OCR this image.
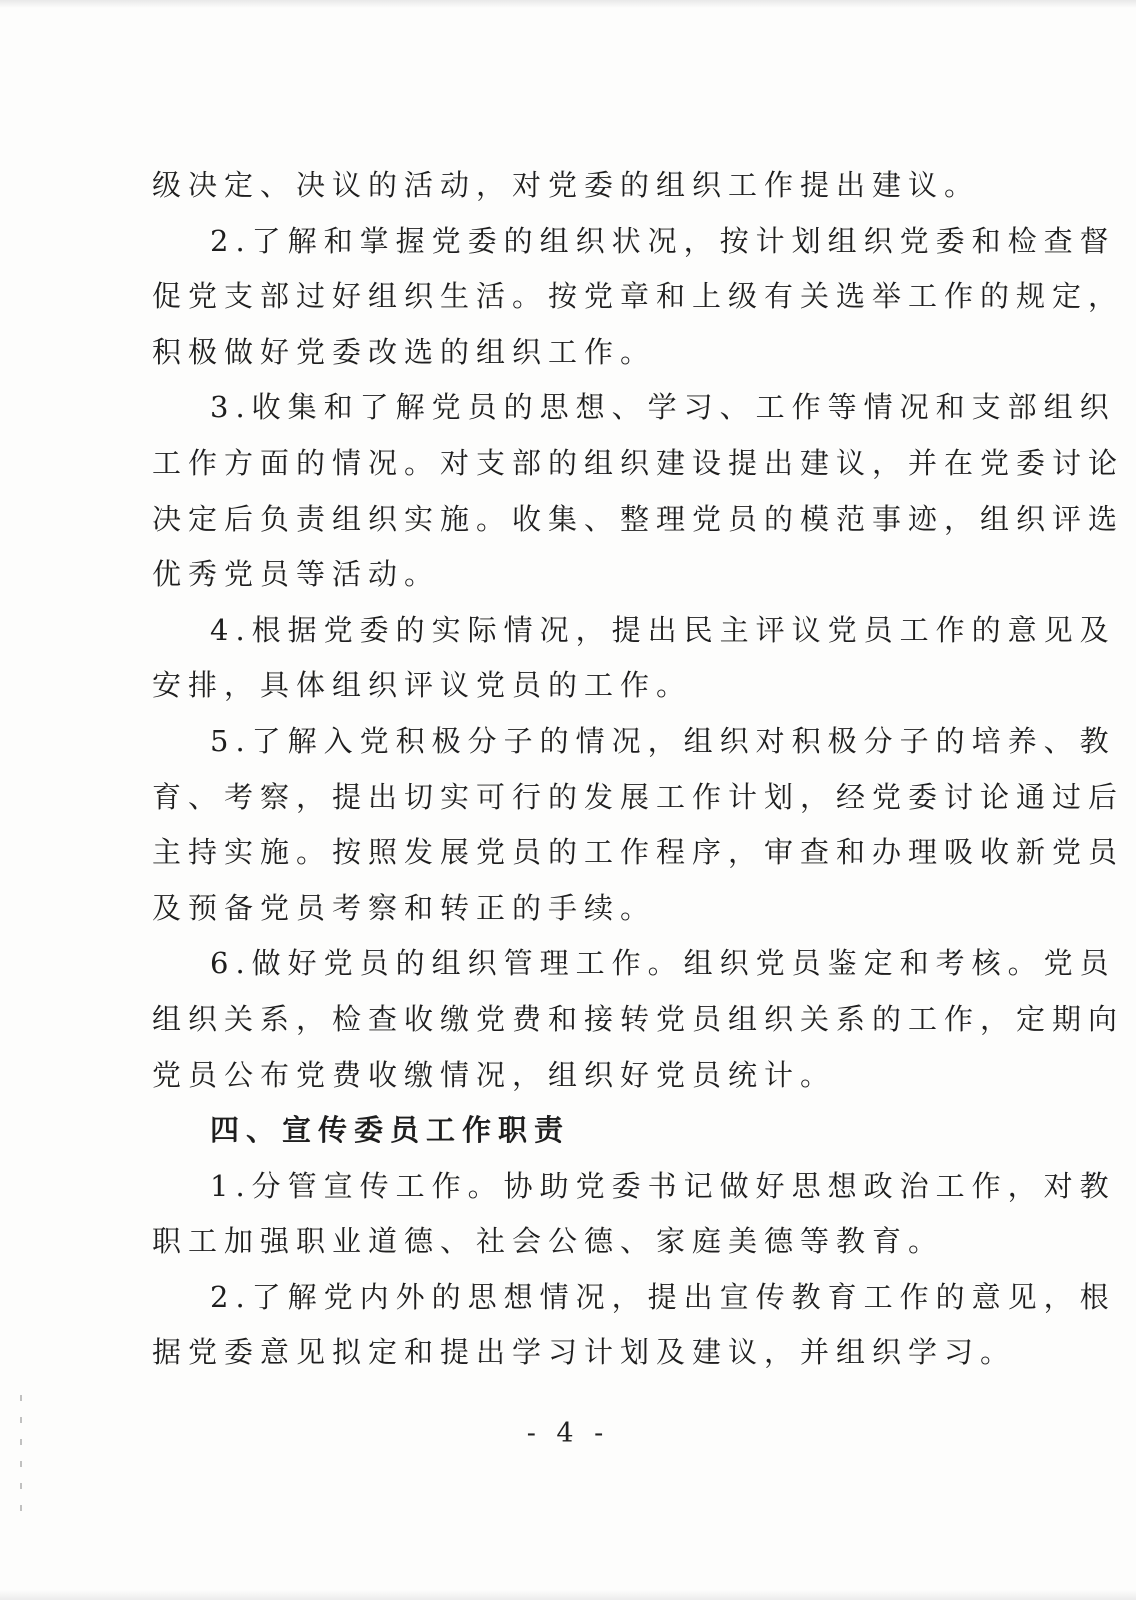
级决定、决议的活动，对党委的组织工作提出建议。
2.了解和掌握党委的组织状况，按计划组织党委和检查督
促党支部过好组织生活。按党章和上级有关选举工作的规定，
积极做好党委改选的组织工作。
3.收集和了解党员的思想、学习、工作等情况和支部组织
工作方面的情况。对支部的组织建设提出建议，并在党委讨论
决定后负责组织实施。收集、整理党员的模范事迹，组织评选
优秀党员等活动。
4.根据党委的实际情况，提出民主评议党员工作的意见及
安排，具体组织评议党员的工作。
5.了解入党积极分子的情况，组织对积极分子的培养、教
育、考察，提出切实可行的发展工作计划，经党委讨论通过后
主持实施。按照发展党员的工作程序，审查和办理吸收新党员
及预备党员考察和转正的手续。
6.做好党员的组织管理工作。组织党员鉴定和考核。党员
组织关系，检查收缴党费和接转党员组织关系的工作，定期向
党员公布党费收缴情况，组织好党员统计。
四、宣传委员工作职责
1.分管宣传工作。协助党委书记做好思想政治工作，对教
职工加强职业道德、社会公德、家庭美德等教育。
2.了解党内外的思想情况，提出宣传教育工作的意见，根
据党委意见拟定和提出学习计划及建议，并组织学习。
- 4 -
